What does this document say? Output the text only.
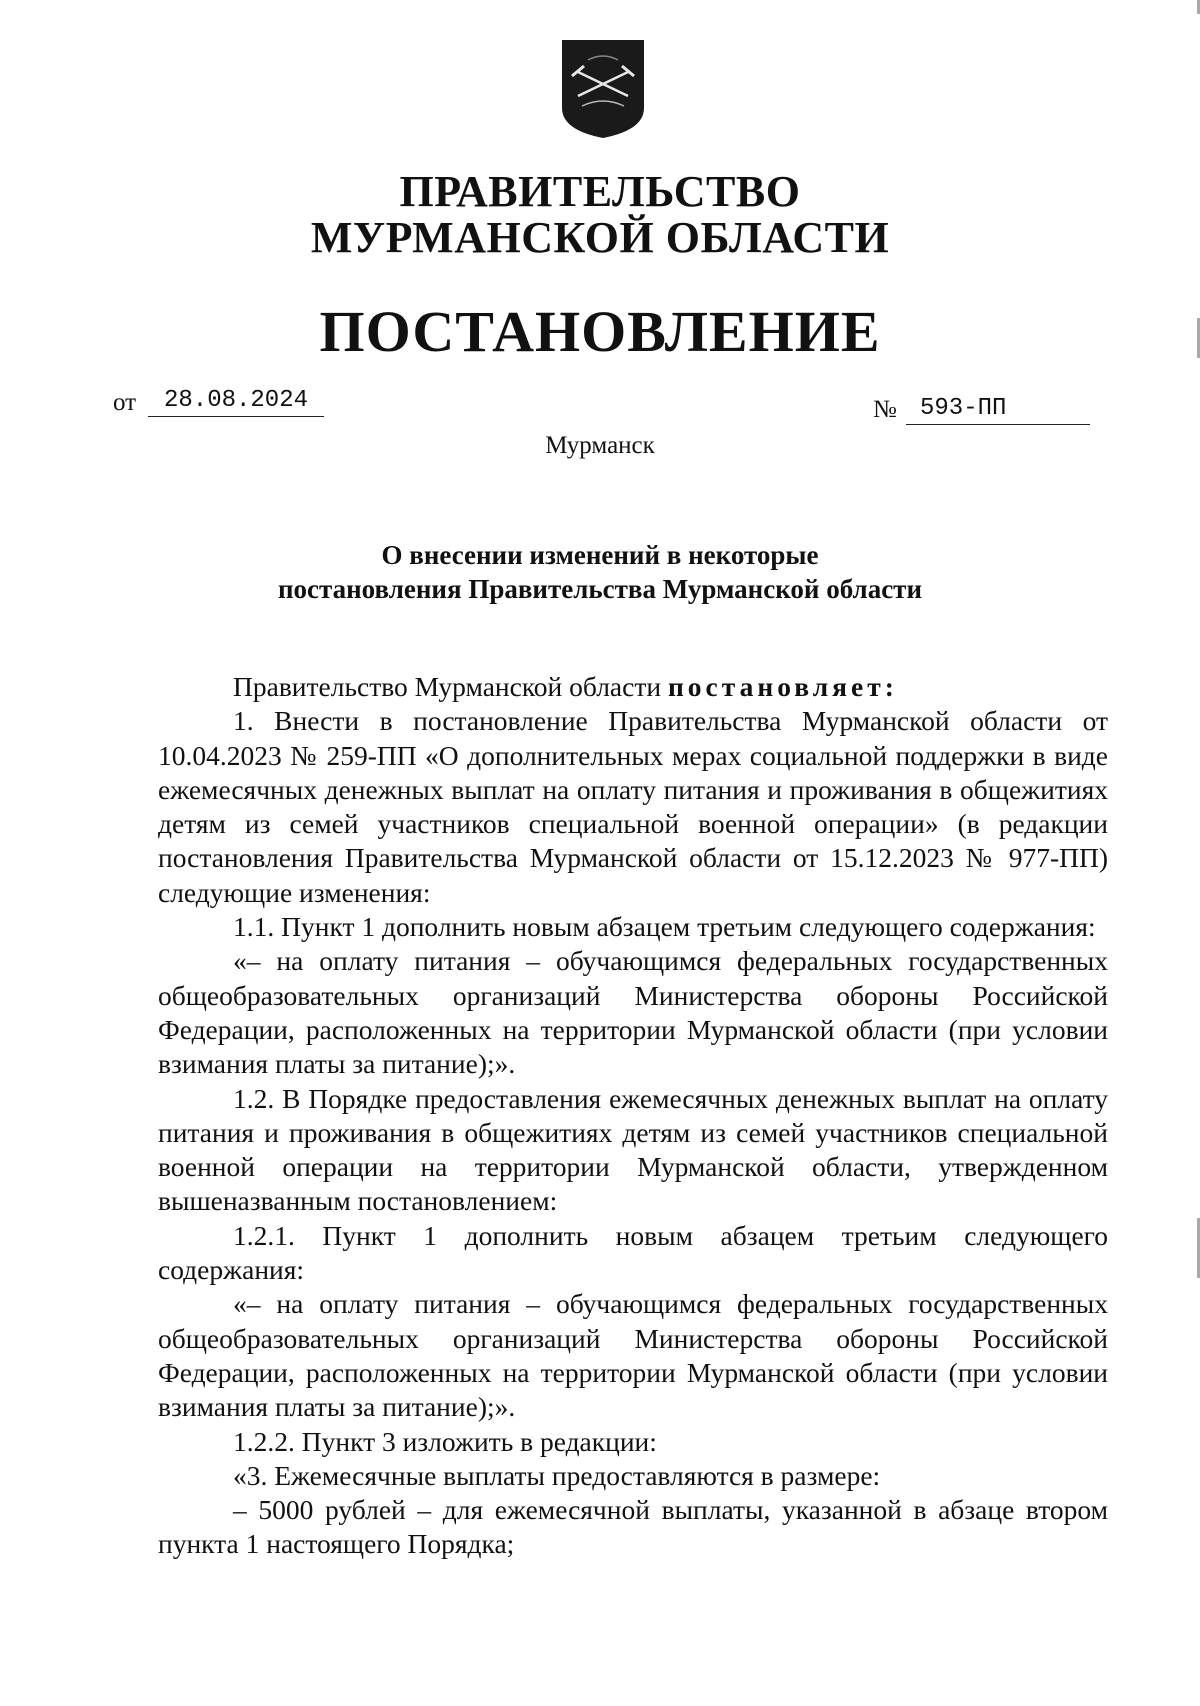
ПРАВИТЕЛЬСТВО
МУРМАНСКОЙ ОБЛАСТИ
ПОСТАНОВЛЕНИЕ
от	28.08.2024	№ 593-ПП
Мурманск
О внесении изменений в некоторые
постановления Правительства Мурманской области

Правительство Мурманской области постановляет:

1. Внести в постановление Правительства Мурманской области от 10.04.2023 № 259-ПП «О дополнительных мерах социальной поддержки в виде ежемесячных денежных выплат на оплату питания и проживания в общежитиях детям из семей участников специальной военной операции» (в редакции постановления Правительства Мурманской области от 15.12.2023 № 977-ПП) следующие изменения:

1.1. Пункт 1 дополнить новым абзацем третьим следующего содержания:

«– на оплату питания – обучающимся федеральных государственных общеобразовательных организаций Министерства обороны Российской Федерации, расположенных на территории Мурманской области (при условии взимания платы за питание);».

1.2. В Порядке предоставления ежемесячных денежных выплат на оплату питания и проживания в общежитиях детям из семей участников специальной военной операции на территории Мурманской области, утвержденном вышеназванным постановлением:

1.2.1. Пункт 1 дополнить новым абзацем третьим следующего содержания:

«– на оплату питания – обучающимся федеральных государственных общеобразовательных организаций Министерства обороны Российской Федерации, расположенных на территории Мурманской области (при условии взимания платы за питание);».

1.2.2. Пункт 3 изложить в редакции:

«3. Ежемесячные выплаты предоставляются в размере:

– 5000 рублей – для ежемесячной выплаты, указанной в абзаце втором пункта 1 настоящего Порядка;
